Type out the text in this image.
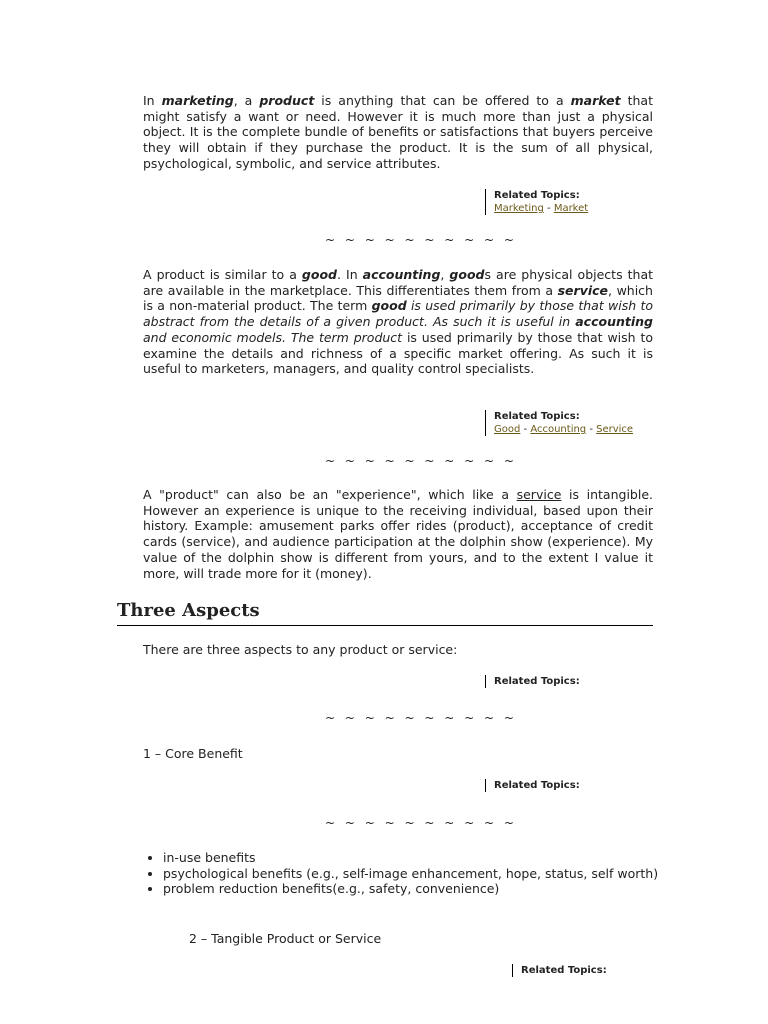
In marketing, a product is anything that can be offered to a market that might satisfy a want or need. However it is much more than just a physical object. It is the complete bundle of benefits or satisfactions that buyers perceive they will obtain if they purchase the product. It is the sum of all physical, psychological, symbolic, and service attributes.

Related Topics:
Marketing - Market
~ ~ ~ ~ ~ ~ ~ ~ ~ ~

A product is similar to a good. In accounting, goods are physical objects that are available in the marketplace. This differentiates them from a service, which is a non-material product. The term good is used primarily by those that wish to abstract from the details of a given product. As such it is useful in accounting and economic models. The term product is used primarily by those that wish to examine the details and richness of a specific market offering. As such it is useful to marketers, managers, and quality control specialists.

Related Topics:
Good - Accounting - Service
~ ~ ~ ~ ~ ~ ~ ~ ~ ~

A "product" can also be an "experience", which like a service is intangible. However an experience is unique to the receiving individual, based upon their history. Example: amusement parks offer rides (product), acceptance of credit cards (service), and audience participation at the dolphin show (experience). My value of the dolphin show is different from yours, and to the extent I value it more, will trade more for it (money).

Three Aspects
There are three aspects to any product or service:
Related Topics:
~ ~ ~ ~ ~ ~ ~ ~ ~ ~
1 – Core Benefit
Related Topics:
~ ~ ~ ~ ~ ~ ~ ~ ~ ~
• in-use benefits
• psychological benefits (e.g., self-image enhancement, hope, status, self worth)
• problem reduction benefits(e.g., safety, convenience)
2 – Tangible Product or Service
Related Topics:
